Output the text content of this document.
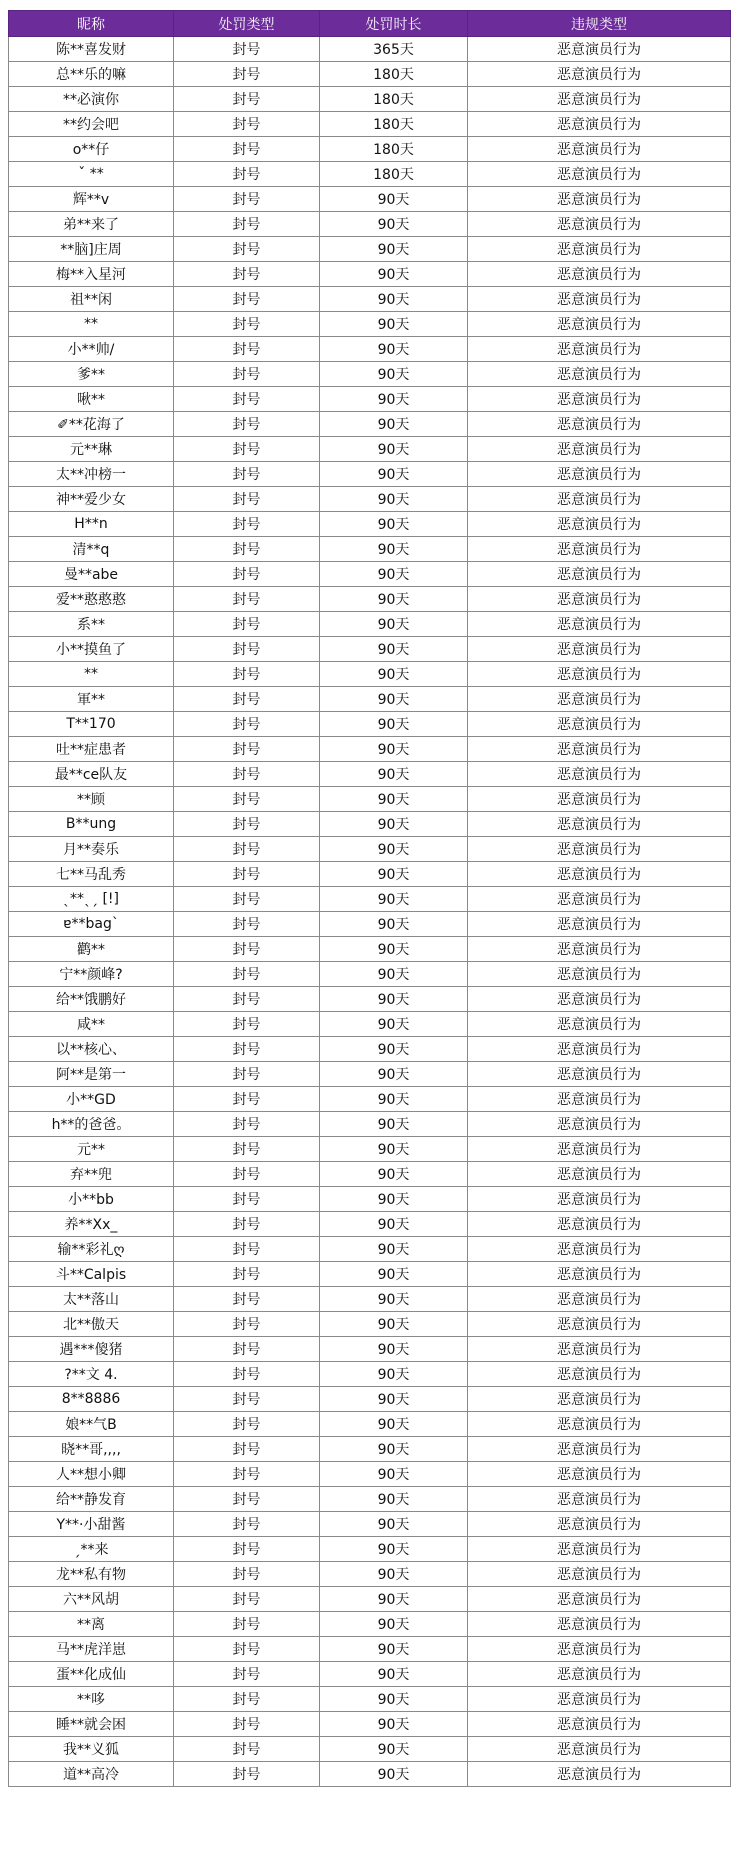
昵称	处罚类型	处罚时长	违规类型
陈**喜发财	封号	365天	恶意演员行为
总**乐的嘛	封号	180天	恶意演员行为
**必演你	封号	180天	恶意演员行为
**约会吧	封号	180天	恶意演员行为
o**仔	封号	180天	恶意演员行为
ˇ **	封号	180天	恶意演员行为
辉**v	封号	90天	恶意演员行为
弟**来了	封号	90天	恶意演员行为
**脑]庄周	封号	90天	恶意演员行为
梅**入星河	封号	90天	恶意演员行为
祖**闲	封号	90天	恶意演员行为
**	封号	90天	恶意演员行为
小**帅/	封号	90天	恶意演员行为
爹**	封号	90天	恶意演员行为
啾**	封号	90天	恶意演员行为
✐**花海了	封号	90天	恶意演员行为
元**琳	封号	90天	恶意演员行为
太**冲榜一	封号	90天	恶意演员行为
神**爱少女	封号	90天	恶意演员行为
H**n	封号	90天	恶意演员行为
清**q	封号	90天	恶意演员行为
曼**abe	封号	90天	恶意演员行为
爱**憨憨憨	封号	90天	恶意演员行为
系**	封号	90天	恶意演员行为
小**摸鱼了	封号	90天	恶意演员行为
**	封号	90天	恶意演员行为
軍**	封号	90天	恶意演员行为
T**170	封号	90天	恶意演员行为
吐**症患者	封号	90天	恶意演员行为
最**ce队友	封号	90天	恶意演员行为
**顾	封号	90天	恶意演员行为
B**ung	封号	90天	恶意演员行为
月**奏乐	封号	90天	恶意演员行为
七**马乱秀	封号	90天	恶意演员行为
ˎ**ˎˏ [!]	封号	90天	恶意演员行为
ɐ**bag`	封号	90天	恶意演员行为
鹳**	封号	90天	恶意演员行为
宁**颜峰?	封号	90天	恶意演员行为
给**饿鹏好	封号	90天	恶意演员行为
咸**	封号	90天	恶意演员行为
以**核心、	封号	90天	恶意演员行为
阿**是第一	封号	90天	恶意演员行为
小**GD	封号	90天	恶意演员行为
h**的爸爸。	封号	90天	恶意演员行为
元**	封号	90天	恶意演员行为
弃**兜	封号	90天	恶意演员行为
小**bb	封号	90天	恶意演员行为
养**Xx_	封号	90天	恶意演员行为
输**彩礼ღ	封号	90天	恶意演员行为
斗**Calpis	封号	90天	恶意演员行为
太**落山	封号	90天	恶意演员行为
北**傲天	封号	90天	恶意演员行为
遇***傻猪	封号	90天	恶意演员行为
?**文 4.	封号	90天	恶意演员行为
8**8886	封号	90天	恶意演员行为
娘**气B	封号	90天	恶意演员行为
晓**哥,,,,	封号	90天	恶意演员行为
人**想小卿	封号	90天	恶意演员行为
给**静发育	封号	90天	恶意演员行为
Y**·小甜酱	封号	90天	恶意演员行为
ˏ**来	封号	90天	恶意演员行为
龙**私有物	封号	90天	恶意演员行为
六**风胡	封号	90天	恶意演员行为
**离	封号	90天	恶意演员行为
马**虎洋崽	封号	90天	恶意演员行为
蛋**化成仙	封号	90天	恶意演员行为
**哆	封号	90天	恶意演员行为
睡**就会困	封号	90天	恶意演员行为
我**义狐	封号	90天	恶意演员行为
道**高冷	封号	90天	恶意演员行为
